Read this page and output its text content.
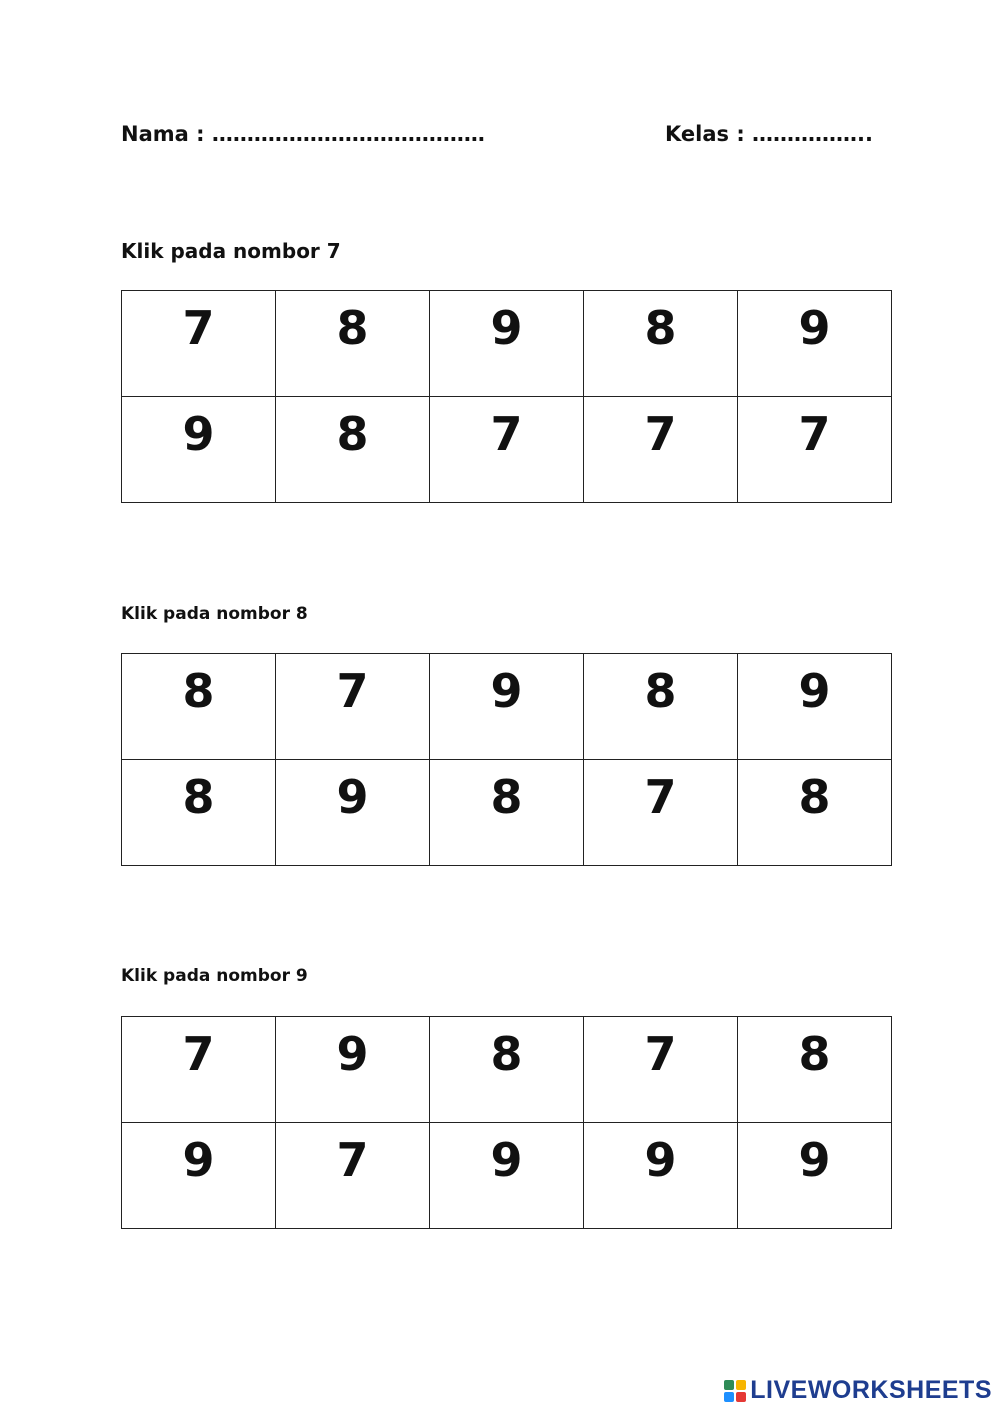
Nama : …………………………………	Kelas : ……………..
Klik pada nombor 7
7	8	9	8	9
9	8	7	7	7
Klik pada nombor 8
8	7	9	8	9
8	9	8	7	8
Klik pada nombor 9
7	9	8	7	8
9	7	9	9	9
LIVEWORKSHEETS
